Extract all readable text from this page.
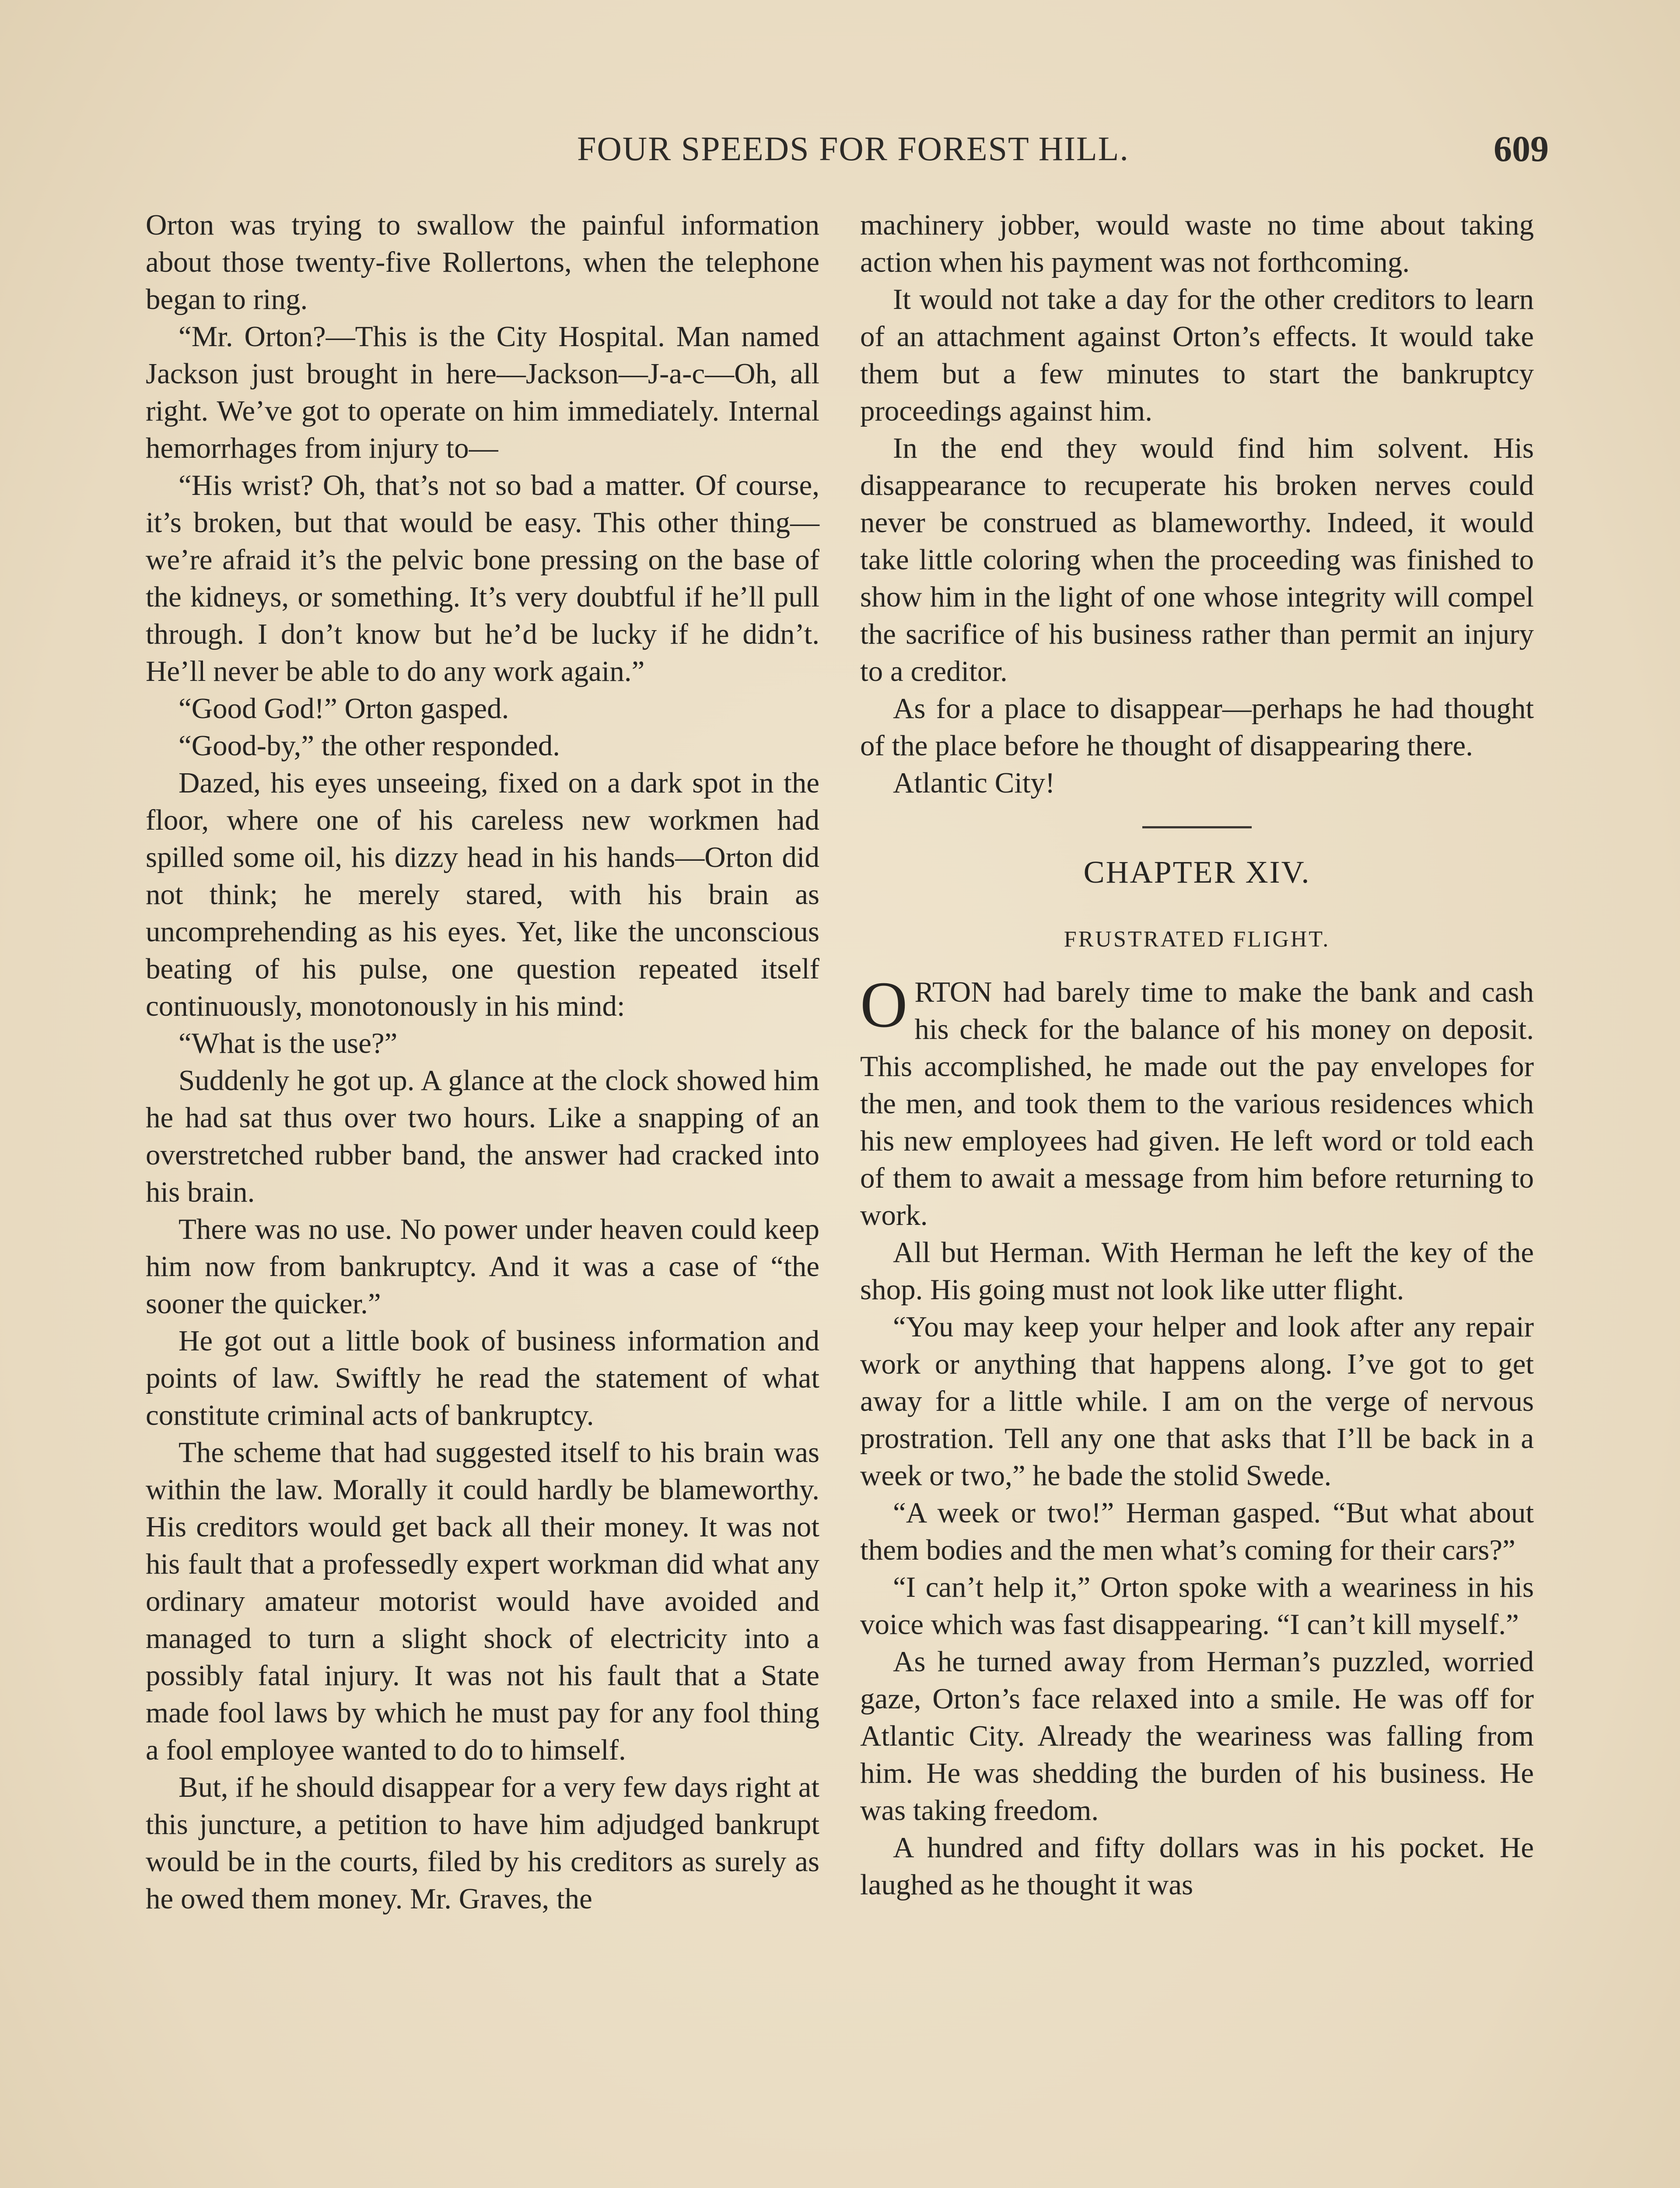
FOUR SPEEDS FOR FOREST HILL.	609

Orton was trying to swallow the painful information about those twenty-five Rollertons, when the telephone began to ring.

“Mr. Orton?—This is the City Hospital. Man named Jackson just brought in here—Jackson—J-a-c—Oh, all right. We’ve got to operate on him immediately. Internal hemorrhages from injury to—

“His wrist? Oh, that’s not so bad a matter. Of course, it’s broken, but that would be easy. This other thing—we’re afraid it’s the pelvic bone pressing on the base of the kidneys, or something. It’s very doubtful if he’ll pull through. I don’t know but he’d be lucky if he didn’t. He’ll never be able to do any work again.”

“Good God!” Orton gasped.

“Good-by,” the other responded.

Dazed, his eyes unseeing, fixed on a dark spot in the floor, where one of his careless new workmen had spilled some oil, his dizzy head in his hands—Orton did not think; he merely stared, with his brain as uncomprehending as his eyes. Yet, like the unconscious beating of his pulse, one question repeated itself continuously, monotonously in his mind:

“What is the use?”

Suddenly he got up. A glance at the clock showed him he had sat thus over two hours. Like a snapping of an overstretched rubber band, the answer had cracked into his brain.

There was no use. No power under heaven could keep him now from bankruptcy. And it was a case of “the sooner the quicker.”

He got out a little book of business information and points of law. Swiftly he read the statement of what constitute criminal acts of bankruptcy.

The scheme that had suggested itself to his brain was within the law. Morally it could hardly be blameworthy. His creditors would get back all their money. It was not his fault that a professedly expert workman did what any ordinary amateur motorist would have avoided and managed to turn a slight shock of electricity into a possibly fatal injury. It was not his fault that a State made fool laws by which he must pay for any fool thing a fool employee wanted to do to himself.

But, if he should disappear for a very few days right at this juncture, a petition to have him adjudged bankrupt would be in the courts, filed by his creditors as surely as he owed them money. Mr. Graves, the

machinery jobber, would waste no time about taking action when his payment was not forthcoming.

It would not take a day for the other creditors to learn of an attachment against Orton’s effects. It would take them but a few minutes to start the bankruptcy proceedings against him.

In the end they would find him solvent. His disappearance to recuperate his broken nerves could never be construed as blameworthy. Indeed, it would take little coloring when the proceeding was finished to show him in the light of one whose integrity will compel the sacrifice of his business rather than permit an injury to a creditor.

As for a place to disappear—perhaps he had thought of the place before he thought of disappearing there.

Atlantic City!

CHAPTER XIV.
FRUSTRATED FLIGHT.

ORTON had barely time to make the bank and cash his check for the balance of his money on deposit. This accomplished, he made out the pay envelopes for the men, and took them to the various residences which his new employees had given. He left word or told each of them to await a message from him before returning to work.

All but Herman. With Herman he left the key of the shop. His going must not look like utter flight.

“You may keep your helper and look after any repair work or anything that happens along. I’ve got to get away for a little while. I am on the verge of nervous prostration. Tell any one that asks that I’ll be back in a week or two,” he bade the stolid Swede.

“A week or two!” Herman gasped. “But what about them bodies and the men what’s coming for their cars?”

“I can’t help it,” Orton spoke with a weariness in his voice which was fast disappearing. “I can’t kill myself.”

As he turned away from Herman’s puzzled, worried gaze, Orton’s face relaxed into a smile. He was off for Atlantic City. Already the weariness was falling from him. He was shedding the burden of his business. He was taking freedom.

A hundred and fifty dollars was in his pocket. He laughed as he thought it was
